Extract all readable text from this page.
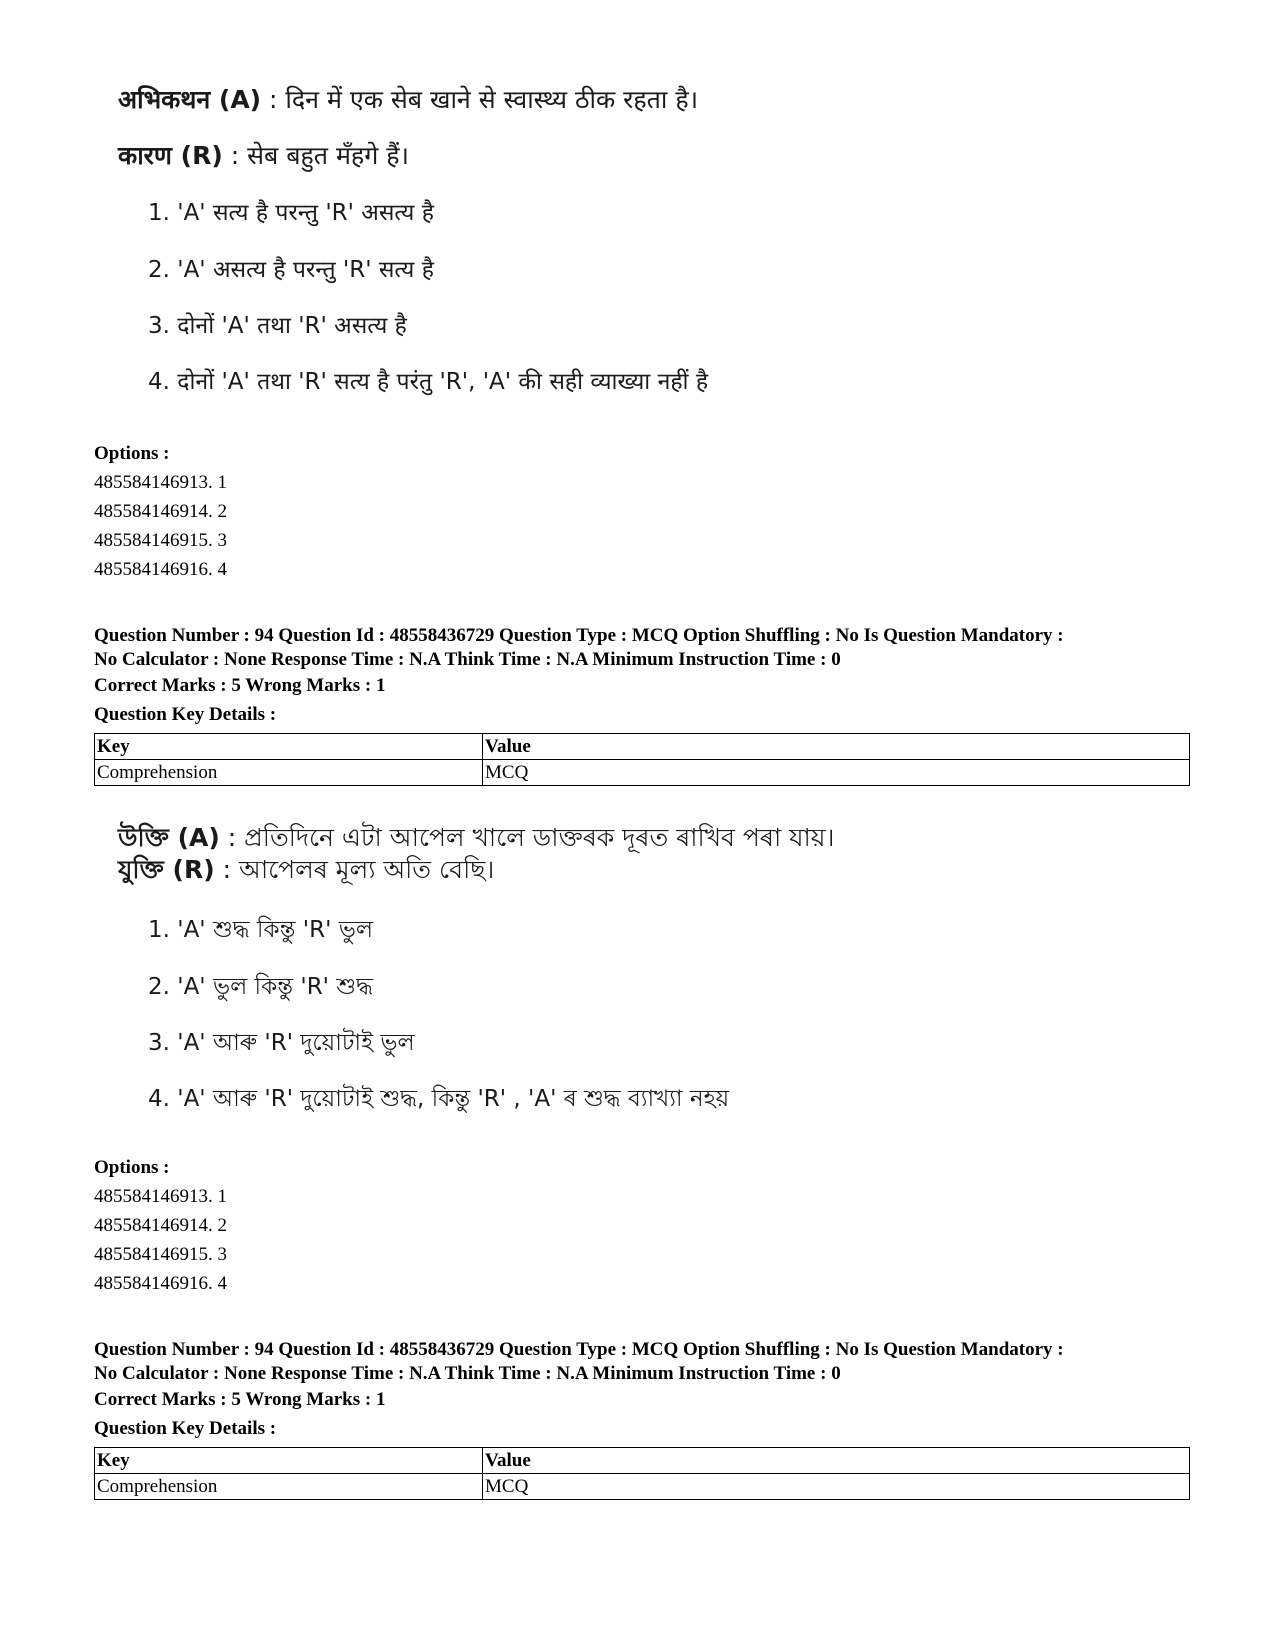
अभिकथन (A) : दिन में एक सेब खाने से स्वास्थ्य ठीक रहता है।
कारण (R) : सेब बहुत मँहगे हैं।
1. 'A' सत्य है परन्तु 'R' असत्य है
2. 'A' असत्य है परन्तु 'R' सत्य है
3. दोनों 'A' तथा 'R' असत्य है
4. दोनों 'A' तथा 'R' सत्य है परंतु 'R', 'A' की सही व्याख्या नहीं है
Options :
485584146913. 1
485584146914. 2
485584146915. 3
485584146916. 4
Question Number : 94 Question Id : 48558436729 Question Type : MCQ Option Shuffling : No Is Question Mandatory :
No Calculator : None Response Time : N.A Think Time : N.A Minimum Instruction Time : 0
Correct Marks : 5 Wrong Marks : 1
Question Key Details :
Key	Value
Comprehension	MCQ
উক্তি (A) : প্ৰতিদিনে এটা আপেল খালে ডাক্তৰক দূৰত ৰাখিব পৰা যায়।
যুক্তি (R) : আপেলৰ মূল্য অতি বেছি।
1. 'A' শুদ্ধ কিন্তু 'R' ভুল
2. 'A' ভুল কিন্তু 'R' শুদ্ধ
3. 'A' আৰু 'R' দুয়োটাই ভুল
4. 'A' আৰু 'R' দুয়োটাই শুদ্ধ, কিন্তু 'R' , 'A' ৰ শুদ্ধ ব্যাখ্যা নহয়
Options :
485584146913. 1
485584146914. 2
485584146915. 3
485584146916. 4
Question Number : 94 Question Id : 48558436729 Question Type : MCQ Option Shuffling : No Is Question Mandatory :
No Calculator : None Response Time : N.A Think Time : N.A Minimum Instruction Time : 0
Correct Marks : 5 Wrong Marks : 1
Question Key Details :
Key	Value
Comprehension	MCQ
